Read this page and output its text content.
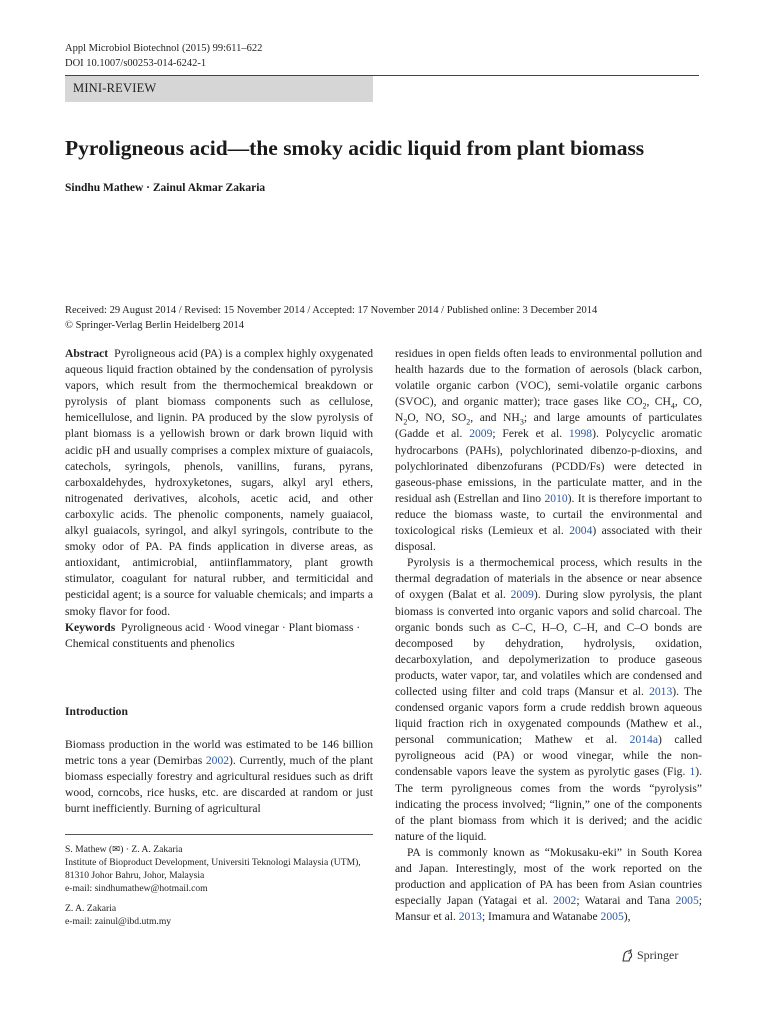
Appl Microbiol Biotechnol (2015) 99:611–622
DOI 10.1007/s00253-014-6242-1
MINI-REVIEW
Pyroligneous acid—the smoky acidic liquid from plant biomass
Sindhu Mathew · Zainul Akmar Zakaria
Received: 29 August 2014 / Revised: 15 November 2014 / Accepted: 17 November 2014 / Published online: 3 December 2014
© Springer-Verlag Berlin Heidelberg 2014

Abstract Pyroligneous acid (PA) is a complex highly oxygenated aqueous liquid fraction obtained by the condensation of pyrolysis vapors, which result from the thermochemical breakdown or pyrolysis of plant biomass components such as cellulose, hemicellulose, and lignin. PA produced by the slow pyrolysis of plant biomass is a yellowish brown or dark brown liquid with acidic pH and usually comprises a complex mixture of guaiacols, catechols, syringols, phenols, vanillins, furans, pyrans, carboxaldehydes, hydroxyketones, sugars, alkyl aryl ethers, nitrogenated derivatives, alcohols, acetic acid, and other carboxylic acids. The phenolic components, namely guaiacol, alkyl guaiacols, syringol, and alkyl syringols, contribute to the smoky odor of PA. PA finds application in diverse areas, as antioxidant, antimicrobial, antiinflammatory, plant growth stimulator, coagulant for natural rubber, and termiticidal and pesticidal agent; is a source for valuable chemicals; and imparts a smoky flavor for food.

Keywords Pyroligneous acid · Wood vinegar · Plant biomass · Chemical constituents and phenolics

Introduction
Biomass production in the world was estimated to be 146 billion metric tons a year (Demirbas 2002). Currently, much of the plant biomass especially forestry and agricultural residues such as drift wood, corncobs, rice husks, etc. are discarded at random or just burnt inefficiently. Burning of agricultural
S. Mathew (✉) · Z. A. Zakaria
Institute of Bioproduct Development, Universiti Teknologi Malaysia (UTM), 81310 Johor Bahru, Johor, Malaysia
e-mail: sindhumathew@hotmail.com
Z. A. Zakaria
e-mail: zainul@ibd.utm.my

residues in open fields often leads to environmental pollution and health hazards due to the formation of aerosols (black carbon, volatile organic carbon (VOC), semi-volatile organic carbons (SVOC), and organic matter); trace gases like $CO_2$, $CH_4$, CO, $N_2O$, NO, $SO_2$, and $NH_3$; and large amounts of particulates (Gadde et al. 2009; Ferek et al. 1998). Polycyclic aromatic hydrocarbons (PAHs), polychlorinated dibenzo-p-dioxins, and polychlorinated dibenzofurans (PCDD/Fs) were detected in gaseous-phase emissions, in the particulate matter, and in the residual ash (Estrellan and Iino 2010). It is therefore important to reduce the biomass waste, to curtail the environmental and toxicological risks (Lemieux et al. 2004) associated with their disposal.

Pyrolysis is a thermochemical process, which results in the thermal degradation of materials in the absence or near absence of oxygen (Balat et al. 2009). During slow pyrolysis, the plant biomass is converted into organic vapors and solid charcoal. The organic bonds such as C–C, H–O, C–H, and C–O bonds are decomposed by dehydration, hydrolysis, oxidation, decarboxylation, and depolymerization to produce gaseous products, water vapor, tar, and volatiles which are condensed and collected using filter and cold traps (Mansur et al. 2013). The condensed organic vapors form a crude reddish brown aqueous liquid fraction rich in oxygenated compounds (Mathew et al., personal communication; Mathew et al. 2014a) called pyroligneous acid (PA) or wood vinegar, while the non-condensable vapors leave the system as pyrolytic gases (Fig. 1). The term pyroligneous comes from the words “pyrolysis” indicating the process involved; “lignin,” one of the components of the plant biomass from which it is derived; and the acidic nature of the liquid.

PA is commonly known as “Mokusaku-eki” in South Korea and Japan. Interestingly, most of the work reported on the production and application of PA has been from Asian countries especially Japan (Yatagai et al. 2002; Watarai and Tana 2005; Mansur et al. 2013; Imamura and Watanabe 2005),

Springer
